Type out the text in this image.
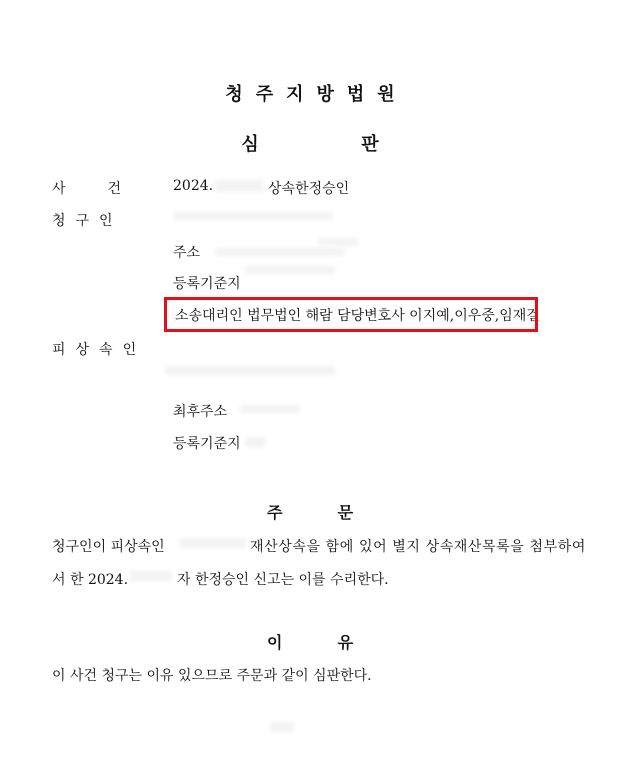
청주지방법원
심	판
사건 2024.	상속한정승인
청구인
주소
등록기준지
소송대리인 법무법인 해람 담당변호사 이지예,이우중,임재걸
피상속인
최후주소
등록기준지
주	문
청구인이 피상속인	재산상속을 함에 있어 별지 상속재산목록을 첨부하여
서 한 2024.	자 한정승인 신고는 이를 수리한다.
이	유
이 사건 청구는 이유 있으므로 주문과 같이 심판한다.
